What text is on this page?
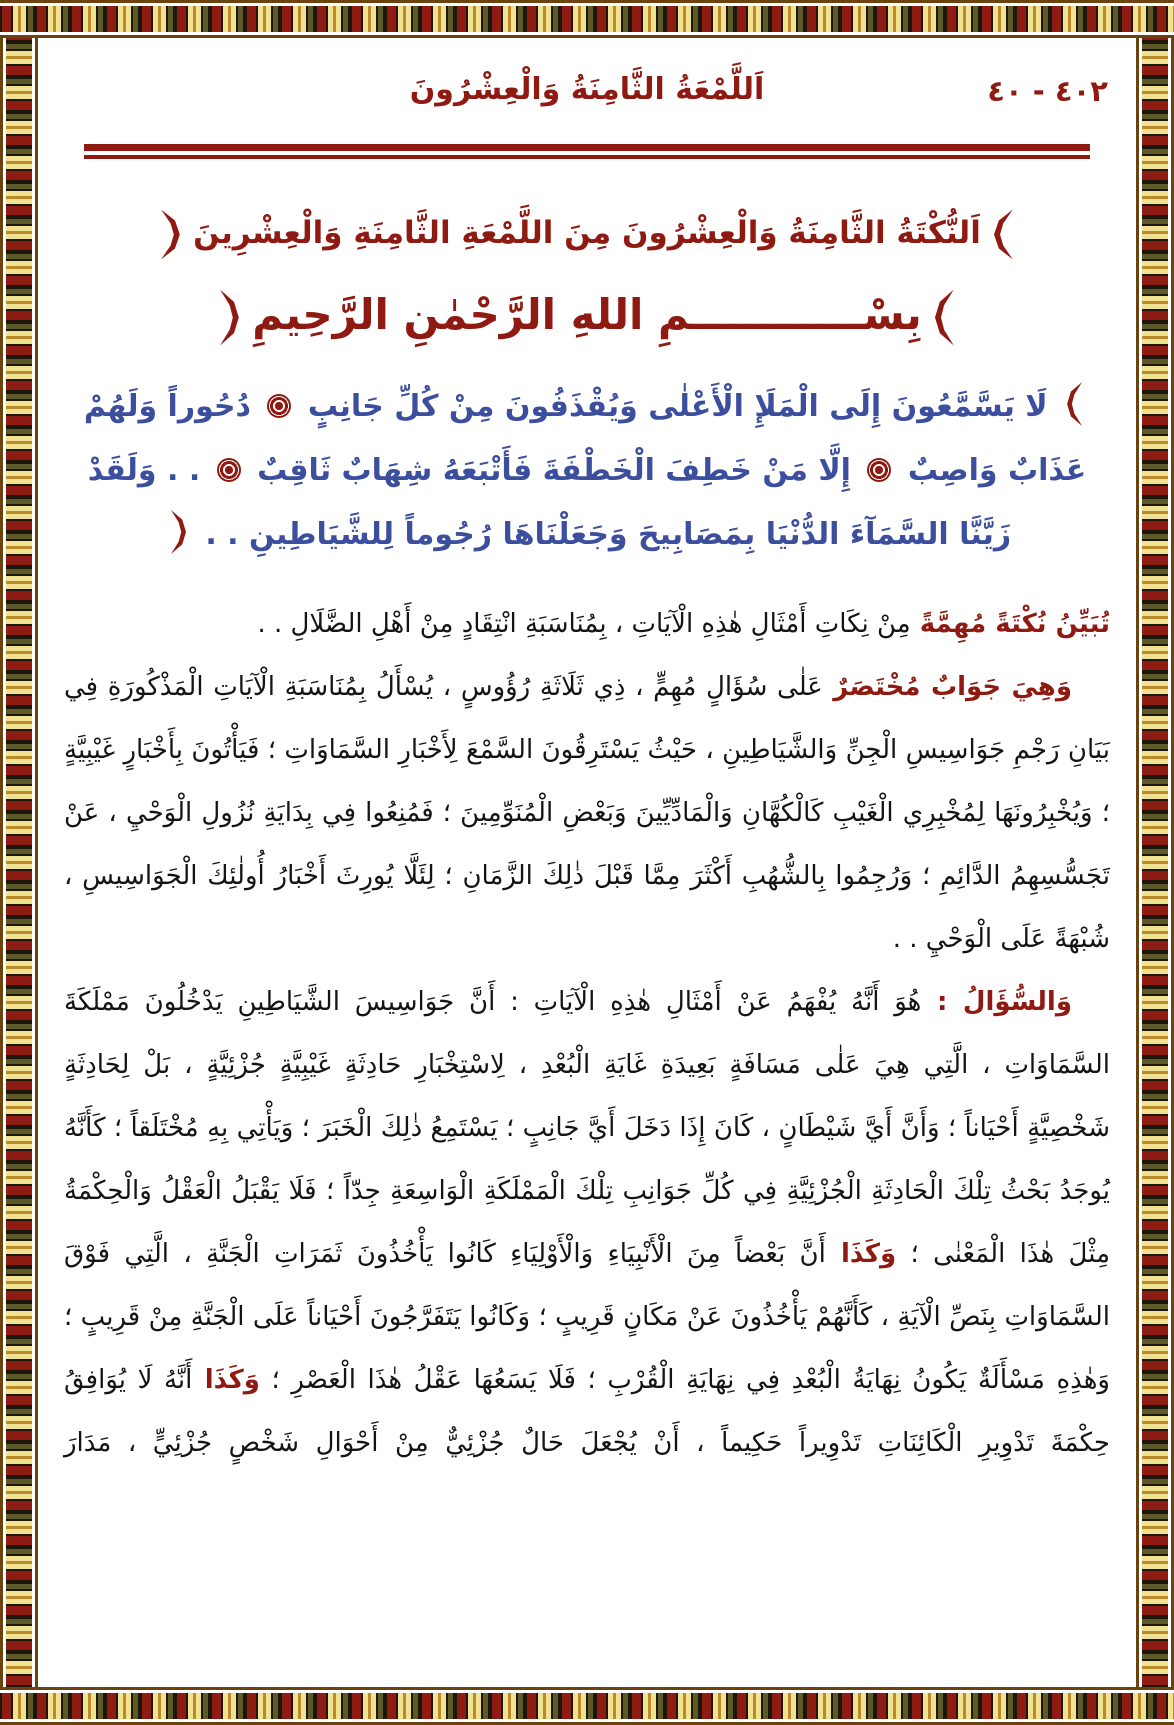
٤٠٢ - ٤٠
اَللَّمْعَةُ الثَّامِنَةُ وَالْعِشْرُونَ
اَلنُّكْتَةُ الثَّامِنَةُ وَالْعِشْرُونَ مِنَ اللَّمْعَةِ الثَّامِنَةِ وَالْعِشْرِينَ
بِسْــــــــــــمِ اللهِ الرَّحْمٰنِ الرَّحِيمِ

لَا يَسَّمَّعُونَ إِلَى الْمَلَإِ الْأَعْلٰى وَيُقْذَفُونَ مِنْ كُلِّ جَانِبٍ  دُحُوراً وَلَهُمْ

عَذَابٌ وَاصِبٌ  إِلَّا مَنْ خَطِفَ الْخَطْفَةَ فَأَتْبَعَهُ شِهَابٌ ثَاقِبٌ  . . وَلَقَدْ

زَيَّنَّا السَّمَآءَ الدُّنْيَا بِمَصَابِيحَ وَجَعَلْنَاهَا رُجُوماً لِلشَّيَاطِينِ . .

تُبَيِّنُ نُكْتَةً مُهِمَّةً مِنْ نِكَاتِ أَمْثَالِ هٰذِهِ الْآيَاتِ ، بِمُنَاسَبَةِ انْتِقَادٍ مِنْ أَهْلِ الضَّلَالِ . .

وَهِيَ جَوَابٌ مُخْتَصَرٌ عَلٰى سُؤَالٍ مُهِمٍّ ، ذِي ثَلَاثَةِ رُؤُوسٍ ، يُسْأَلُ بِمُنَاسَبَةِ الْآيَاتِ الْمَذْكُورَةِ فِي بَيَانِ رَجْمِ جَوَاسِيسِ الْجِنِّ وَالشَّيَاطِينِ ، حَيْثُ يَسْتَرِقُونَ السَّمْعَ لِأَخْبَارِ السَّمَاوَاتِ ؛ فَيَأْتُونَ بِأَخْبَارٍ غَيْبِيَّةٍ ؛ وَيُخْبِرُونَهَا لِمُخْبِرِي الْغَيْبِ كَالْكُهَّانِ وَالْمَادِّيِّينَ وَبَعْضِ الْمُنَوِّمِينَ ؛ فَمُنِعُوا فِي بِدَايَةِ نُزُولِ الْوَحْيِ ، عَنْ تَجَسُّسِهِمُ الدَّائِمِ ؛ وَرُجِمُوا بِالشُّهُبِ أَكْثَرَ مِمَّا قَبْلَ ذٰلِكَ الزَّمَانِ ؛ لِئَلَّا يُورِثَ أَخْبَارُ أُولٰئِكَ الْجَوَاسِيسِ ، شُبْهَةً عَلَى الْوَحْيِ . .

وَالسُّؤَالُ : هُوَ أَنَّهُ يُفْهَمُ عَنْ أَمْثَالِ هٰذِهِ الْآيَاتِ : أَنَّ جَوَاسِيسَ الشَّيَاطِينِ يَدْخُلُونَ مَمْلَكَةَ السَّمَاوَاتِ ، الَّتِي هِيَ عَلٰى مَسَافَةٍ بَعِيدَةِ غَايَةِ الْبُعْدِ ، لِاسْتِخْبَارِ حَادِثَةٍ غَيْبِيَّةٍ جُزْئِيَّةٍ ، بَلْ لِحَادِثَةٍ شَخْصِيَّةٍ أَحْيَاناً ؛ وَأَنَّ أَيَّ شَيْطَانٍ ، كَانَ إِذَا دَخَلَ أَيَّ جَانِبٍ ؛ يَسْتَمِعُ ذٰلِكَ الْخَبَرَ ؛ وَيَأْتِي بِهِ مُخْتَلَقاً ؛ كَأَنَّهُ يُوجَدُ بَحْثُ تِلْكَ الْحَادِثَةِ الْجُزْئِيَّةِ فِي كُلِّ جَوَانِبِ تِلْكَ الْمَمْلَكَةِ الْوَاسِعَةِ جِدّاً ؛ فَلَا يَقْبَلُ الْعَقْلُ وَالْحِكْمَةُ مِثْلَ هٰذَا الْمَعْنٰى ؛ وَكَذَا أَنَّ بَعْضاً مِنَ الْأَنْبِيَاءِ وَالْأَوْلِيَاءِ كَانُوا يَأْخُذُونَ ثَمَرَاتِ الْجَنَّةِ ، الَّتِي فَوْقَ السَّمَاوَاتِ بِنَصِّ الْآيَةِ ، كَأَنَّهُمْ يَأْخُذُونَ عَنْ مَكَانٍ قَرِيبٍ ؛ وَكَانُوا يَتَفَرَّجُونَ أَحْيَاناً عَلَى الْجَنَّةِ مِنْ قَرِيبٍ ؛ وَهٰذِهِ مَسْأَلَةٌ يَكُونُ نِهَايَةُ الْبُعْدِ فِي نِهَايَةِ الْقُرْبِ ؛ فَلَا يَسَعُهَا عَقْلُ هٰذَا الْعَصْرِ ؛ وَكَذَا أَنَّهُ لَا يُوَافِقُ حِكْمَةَ تَدْوِيرِ الْكَائِنَاتِ تَدْوِيراً حَكِيماً ، أَنْ يُجْعَلَ حَالٌ جُزْئِيٌّ مِنْ أَحْوَالِ شَخْصٍ جُزْئِيٍّ ، مَدَارَ
